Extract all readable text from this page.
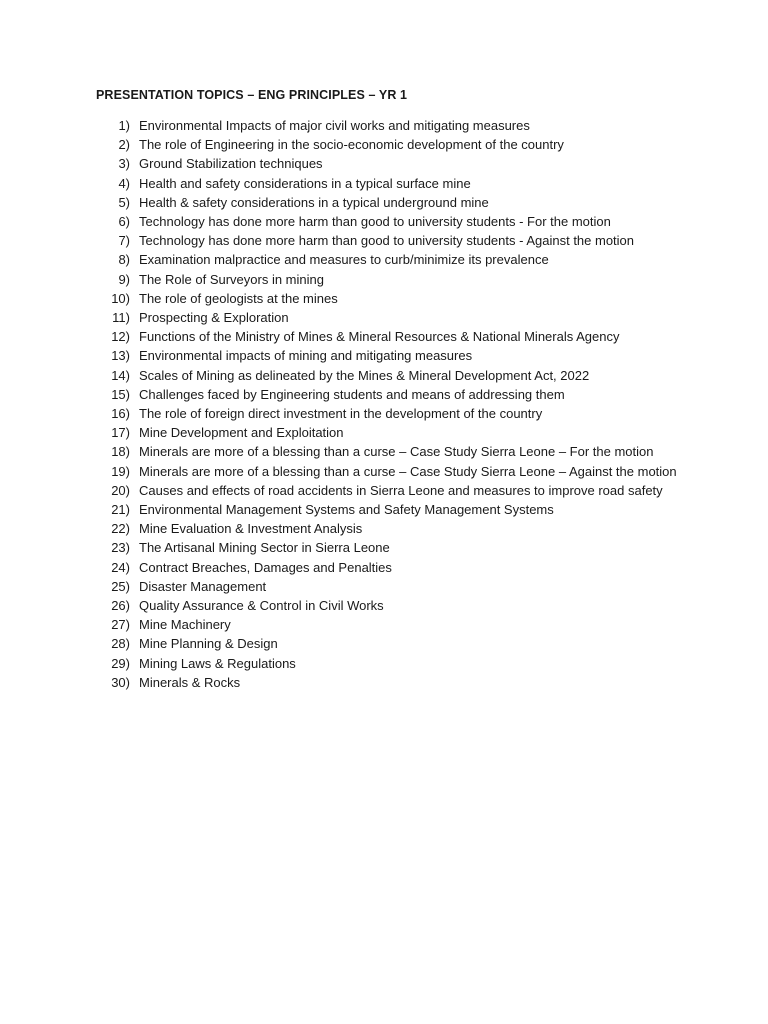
PRESENTATION TOPICS – ENG PRINCIPLES – YR 1
1) Environmental Impacts of major civil works and mitigating measures
2) The role of Engineering in the socio-economic development of the country
3) Ground Stabilization techniques
4) Health and safety considerations in a typical surface mine
5) Health & safety considerations in a typical underground mine
6) Technology has done more harm than good to university students - For the motion
7) Technology has done more harm than good to university students - Against the motion
8) Examination malpractice and measures to curb/minimize its prevalence
9) The Role of Surveyors in mining
10) The role of geologists at the mines
11) Prospecting & Exploration
12) Functions of the Ministry of Mines & Mineral Resources & National Minerals Agency
13) Environmental impacts of mining and mitigating measures
14) Scales of Mining as delineated by the Mines & Mineral Development Act, 2022
15) Challenges faced by Engineering students and means of addressing them
16) The role of foreign direct investment in the development of the country
17) Mine Development and Exploitation
18) Minerals are more of a blessing than a curse – Case Study Sierra Leone – For the motion
19) Minerals are more of a blessing than a curse – Case Study Sierra Leone – Against the motion
20) Causes and effects of road accidents in Sierra Leone and measures to improve road safety
21) Environmental Management Systems and Safety Management Systems
22) Mine Evaluation & Investment Analysis
23) The Artisanal Mining Sector in Sierra Leone
24) Contract Breaches, Damages and Penalties
25) Disaster Management
26) Quality Assurance & Control in Civil Works
27) Mine Machinery
28) Mine Planning & Design
29) Mining Laws & Regulations
30) Minerals & Rocks
